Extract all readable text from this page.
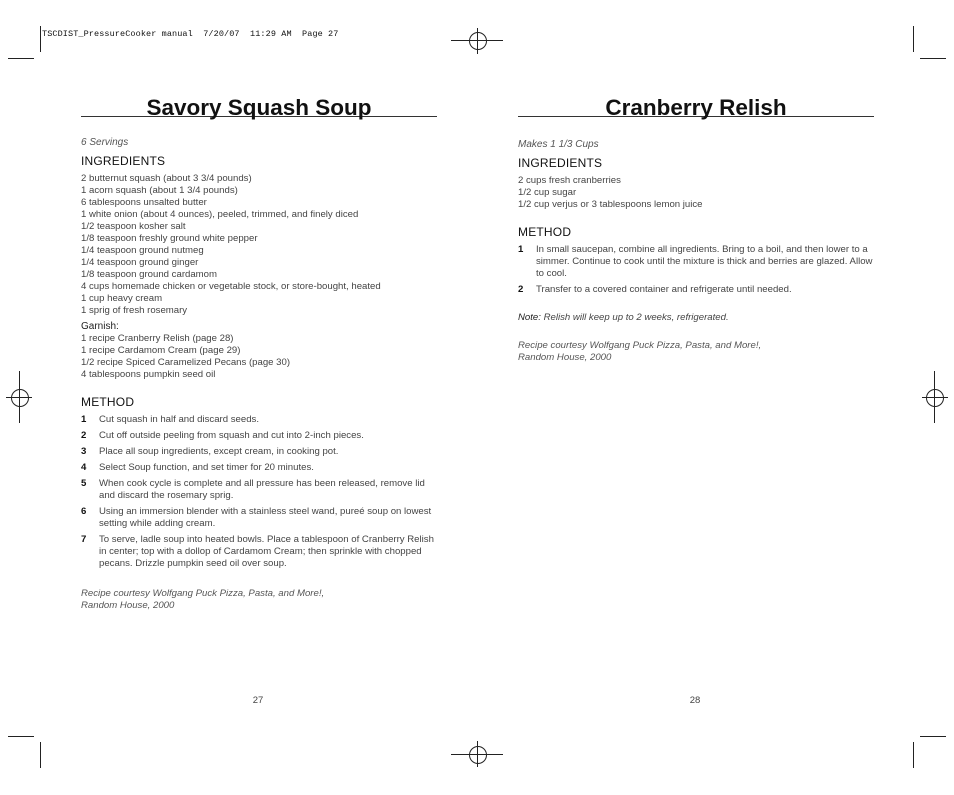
TSCDIST_PressureCooker manual  7/20/07  11:29 AM  Page 27
Savory Squash Soup
6 Servings
INGREDIENTS
2 butternut squash (about 3 3/4 pounds)
1 acorn squash (about 1 3/4 pounds)
6 tablespoons unsalted butter
1 white onion (about 4 ounces), peeled, trimmed, and finely diced
1/2 teaspoon kosher salt
1/8 teaspoon freshly ground white pepper
1/4 teaspoon ground nutmeg
1/4 teaspoon ground ginger
1/8 teaspoon ground cardamom
4 cups homemade chicken or vegetable stock, or store-bought, heated
1 cup heavy cream
1 sprig of fresh rosemary
Garnish:
1 recipe Cranberry Relish (page 28)
1 recipe Cardamom Cream (page 29)
1/2 recipe Spiced Caramelized Pecans (page 30)
4 tablespoons pumpkin seed oil
METHOD
1	Cut squash in half and discard seeds.
2	Cut off outside peeling from squash and cut into 2-inch pieces.
3	Place all soup ingredients, except cream, in cooking pot.
4	Select Soup function, and set timer for 20 minutes.
5	When cook cycle is complete and all pressure has been released, remove lid and discard the rosemary sprig.
6	Using an immersion blender with a stainless steel wand, pureé soup on lowest setting while adding cream.
7	To serve, ladle soup into heated bowls. Place a tablespoon of Cranberry Relish in center; top with a dollop of Cardamom Cream; then sprinkle with chopped pecans. Drizzle pumpkin seed oil over soup.
Recipe courtesy Wolfgang Puck Pizza, Pasta, and More!,
Random House, 2000
27
Cranberry Relish
Makes 1 1/3 Cups
INGREDIENTS
2 cups fresh cranberries
1/2 cup sugar
1/2 cup verjus or 3 tablespoons lemon juice
METHOD
1	In small saucepan, combine all ingredients. Bring to a boil, and then lower to a simmer. Continue to cook until the mixture is thick and berries are glazed. Allow to cool.
2	Transfer to a covered container and refrigerate until needed.
Note: Relish will keep up to 2 weeks, refrigerated.
Recipe courtesy Wolfgang Puck Pizza, Pasta, and More!,
Random House, 2000
28
